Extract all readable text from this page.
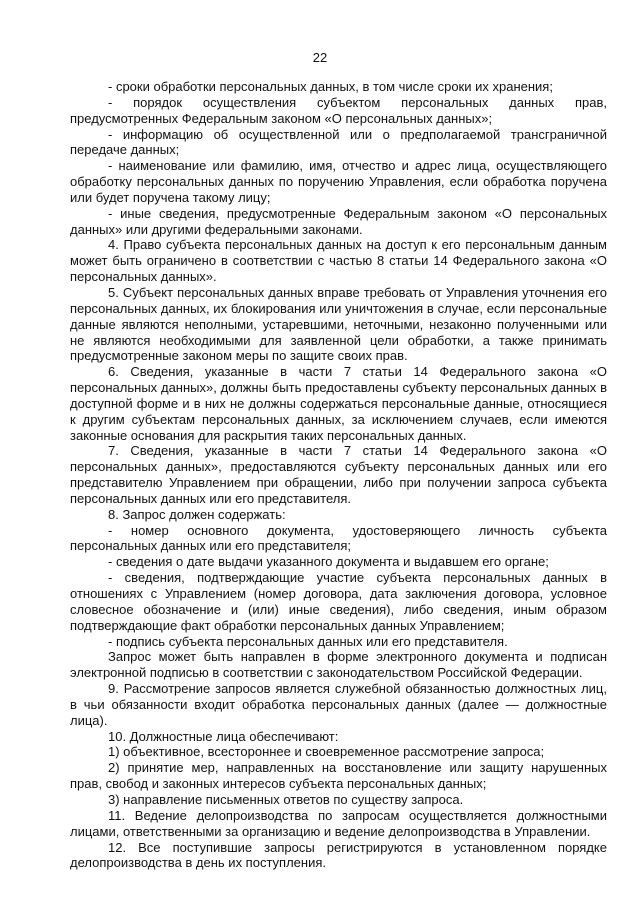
22

- сроки обработки персональных данных, в том числе сроки их хранения;

- порядок осуществления субъектом персональных данных прав, предусмотренных Федеральным законом «О персональных данных»;

- информацию об осуществленной или о предполагаемой трансграничной передаче данных;

- наименование или фамилию, имя, отчество и адрес лица, осуществляющего обработку персональных данных по поручению Управления, если обработка поручена или будет поручена такому лицу;

- иные сведения, предусмотренные Федеральным законом «О персональных данных» или другими федеральными законами.

4. Право субъекта персональных данных на доступ к его персональным данным может быть ограничено в соответствии с частью 8 статьи 14 Федерального закона «О персональных данных».

5. Субъект персональных данных вправе требовать от Управления уточнения его персональных данных, их блокирования или уничтожения в случае, если персональные данные являются неполными, устаревшими, неточными, незаконно полученными или не являются необходимыми для заявленной цели обработки, а также принимать предусмотренные законом меры по защите своих прав.

6. Сведения, указанные в части 7 статьи 14 Федерального закона «О персональных данных», должны быть предоставлены субъекту персональных данных в доступной форме и в них не должны содержаться персональные данные, относящиеся к другим субъектам персональных данных, за исключением случаев, если имеются законные основания для раскрытия таких персональных данных.

7. Сведения, указанные в части 7 статьи 14 Федерального закона «О персональных данных», предоставляются субъекту персональных данных или его представителю Управлением при обращении, либо при получении запроса субъекта персональных данных или его представителя.

8. Запрос должен содержать:

- номер основного документа, удостоверяющего личность субъекта персональных данных или его представителя;

- сведения о дате выдачи указанного документа и выдавшем его органе;

- сведения, подтверждающие участие субъекта персональных данных в отношениях с Управлением (номер договора, дата заключения договора, условное словесное обозначение и (или) иные сведения), либо сведения, иным образом подтверждающие факт обработки персональных данных Управлением;

- подпись субъекта персональных данных или его представителя.

Запрос может быть направлен в форме электронного документа и подписан электронной подписью в соответствии с законодательством Российской Федерации.

9. Рассмотрение запросов является служебной обязанностью должностных лиц, в чьи обязанности входит обработка персональных данных (далее — должностные лица).

10. Должностные лица обеспечивают:

1) объективное, всестороннее и своевременное рассмотрение запроса;

2) принятие мер, направленных на восстановление или защиту нарушенных прав, свобод и законных интересов субъекта персональных данных;

3) направление письменных ответов по существу запроса.

11. Ведение делопроизводства по запросам осуществляется должностными лицами, ответственными за организацию и ведение делопроизводства в Управлении.

12. Все поступившие запросы регистрируются в установленном порядке делопроизводства в день их поступления.
